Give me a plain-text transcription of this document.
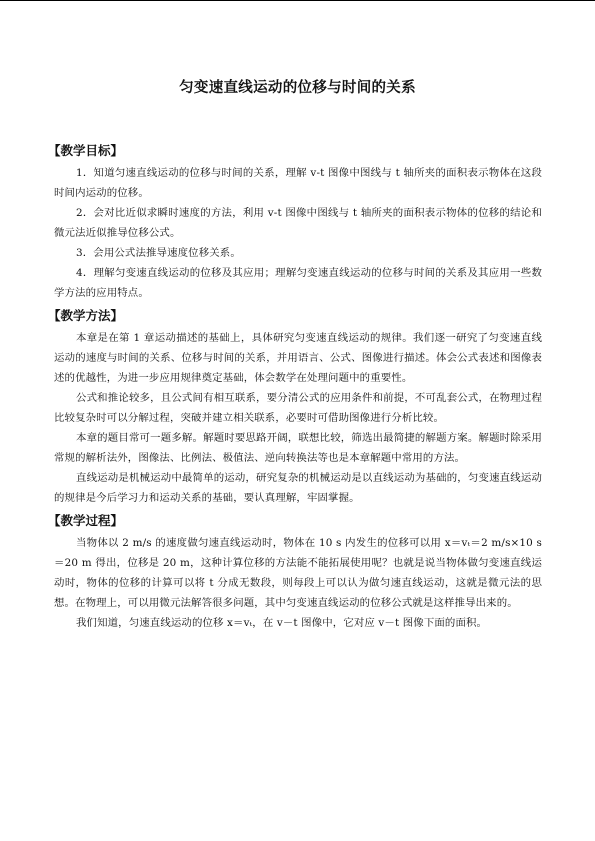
匀变速直线运动的位移与时间的关系
【教学目标】

1．知道匀速直线运动的位移与时间的关系，理解 v-t 图像中图线与 t 轴所夹的面积表示物体在这段时间内运动的位移。

2．会对比近似求瞬时速度的方法，利用 v-t 图像中图线与 t 轴所夹的面积表示物体的位移的结论和微元法近似推导位移公式。

3．会用公式法推导速度位移关系。

4．理解匀变速直线运动的位移及其应用；理解匀变速直线运动的位移与时间的关系及其应用一些数学方法的应用特点。

【教学方法】

本章是在第 1 章运动描述的基础上，具体研究匀变速直线运动的规律。我们逐一研究了匀变速直线运动的速度与时间的关系、位移与时间的关系，并用语言、公式、图像进行描述。体会公式表述和图像表述的优越性，为进一步应用规律奠定基础，体会数学在处理问题中的重要性。

公式和推论较多，且公式间有相互联系，要分清公式的应用条件和前提，不可乱套公式，在物理过程比较复杂时可以分解过程，突破并建立相关联系，必要时可借助图像进行分析比较。

本章的题目常可一题多解。解题时要思路开阔，联想比较，筛选出最简捷的解题方案。解题时除采用常规的解析法外，图像法、比例法、极值法、逆向转换法等也是本章解题中常用的方法。

直线运动是机械运动中最简单的运动，研究复杂的机械运动是以直线运动为基础的，匀变速直线运动的规律是今后学习力和运动关系的基础，要认真理解，牢固掌握。

【教学过程】

当物体以 2 m/s 的速度做匀速直线运动时，物体在 10 s 内发生的位移可以用 x＝vₜ＝2 m/s×10 s＝20 m 得出，位移是 20 m，这种计算位移的方法能不能拓展使用呢？也就是说当物体做匀变速直线运动时，物体的位移的计算可以将 t 分成无数段，则每段上可以认为做匀速直线运动，这就是微元法的思想。在物理上，可以用微元法解答很多问题，其中匀变速直线运动的位移公式就是这样推导出来的。

我们知道，匀速直线运动的位移 x＝vₜ，在 v－t 图像中，它对应 v－t 图像下面的面积。
